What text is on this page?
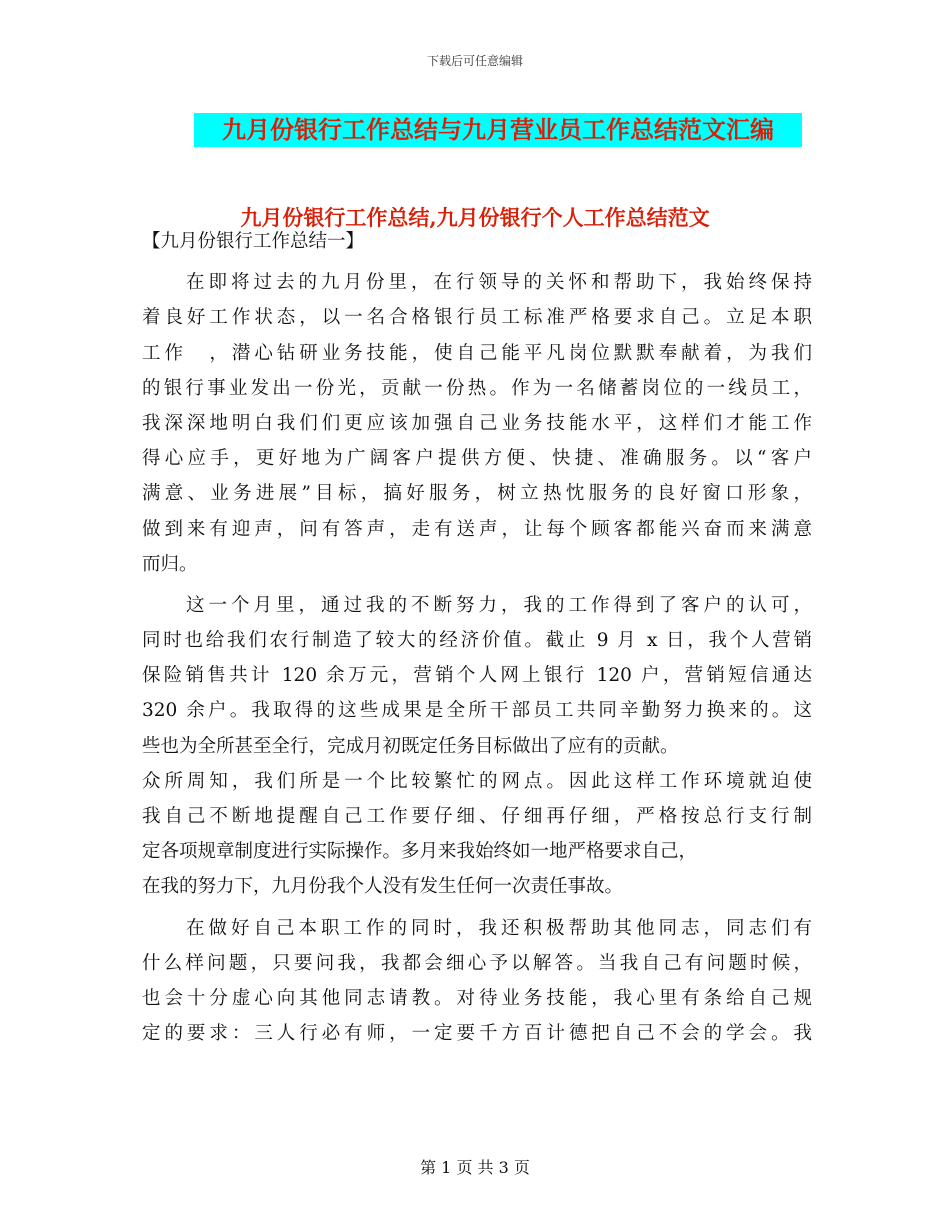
下载后可任意编辑
九月份银行工作总结与九月营业员工作总结范文汇编
九月份银行工作总结,九月份银行个人工作总结范文
【九月份银行工作总结一】
在即将过去的九月份里，在行领导的关怀和帮助下，我始终保持
着良好工作状态，以一名合格银行员工标准严格要求自己。立足本职
工作　，潜心钻研业务技能，使自己能平凡岗位默默奉献着，为我们
的银行事业发出一份光，贡献一份热。作为一名储蓄岗位的一线员工，
我深深地明白我们们更应该加强自己业务技能水平，这样们才能工作
得心应手，更好地为广阔客户提供方便、快捷、准确服务。以“客户
满意、业务进展”目标，搞好服务，树立热忱服务的良好窗口形象，
做到来有迎声，问有答声，走有送声，让每个顾客都能兴奋而来满意
而归。
这一个月里，通过我的不断努力，我的工作得到了客户的认可，
同时也给我们农行制造了较大的经济价值。截止 9 月 x 日，我个人营销
保险销售共计 120 余万元，营销个人网上银行 120 户，营销短信通达
320 余户。我取得的这些成果是全所干部员工共同辛勤努力换来的。这
些也为全所甚至全行，完成月初既定任务目标做出了应有的贡献。
众所周知，我们所是一个比较繁忙的网点。因此这样工作环境就迫使
我自己不断地提醒自己工作要仔细、仔细再仔细，严格按总行支行制
定各项规章制度进行实际操作。多月来我始终如一地严格要求自己，
在我的努力下，九月份我个人没有发生任何一次责任事故。
在做好自己本职工作的同时，我还积极帮助其他同志，同志们有
什么样问题，只要问我，我都会细心予以解答。当我自己有问题时候，
也会十分虚心向其他同志请教。对待业务技能，我心里有条给自己规
定的要求：三人行必有师，一定要千方百计德把自己不会的学会。我
第 1 页 共 3 页
